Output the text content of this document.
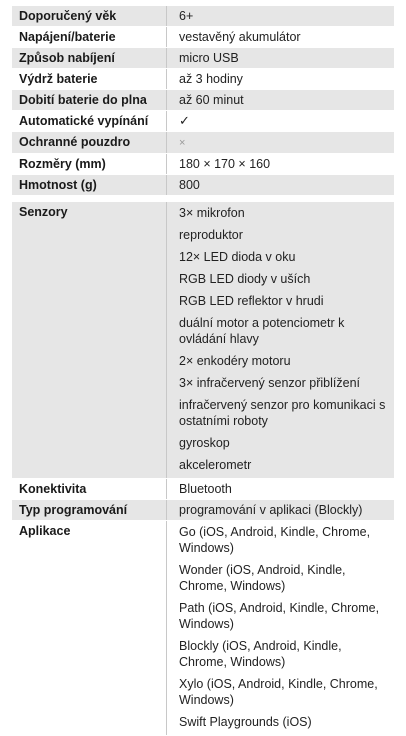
Doporučený věk	6+
Napájení/baterie	vestavěný akumulátor
Způsob nabíjení	micro USB
Výdrž baterie	až 3 hodiny
Dobití baterie do plna	až 60 minut
Automatické vypínání	✓
Ochranné pouzdro	×
Rozměry (mm)	180 × 170 × 160
Hmotnost (g)	800
Senzory	3× mikrofon
reproduktor
12× LED dioda v oku
RGB LED diody v uších
RGB LED reflektor v hrudi
duální motor a potenciometr k ovládání hlavy
2× enkodéry motoru
3× infračervený senzor přiblížení
infračervený senzor pro komunikaci s ostatními roboty
gyroskop
akcelerometr
Konektivita	Bluetooth
Typ programování	programování v aplikaci (Blockly)
Aplikace	Go (iOS, Android, Kindle, Chrome, Windows)
Wonder (iOS, Android, Kindle, Chrome, Windows)
Path (iOS, Android, Kindle, Chrome, Windows)
Blockly (iOS, Android, Kindle, Chrome, Windows)
Xylo (iOS, Android, Kindle, Chrome, Windows)
Swift Playgrounds (iOS)
